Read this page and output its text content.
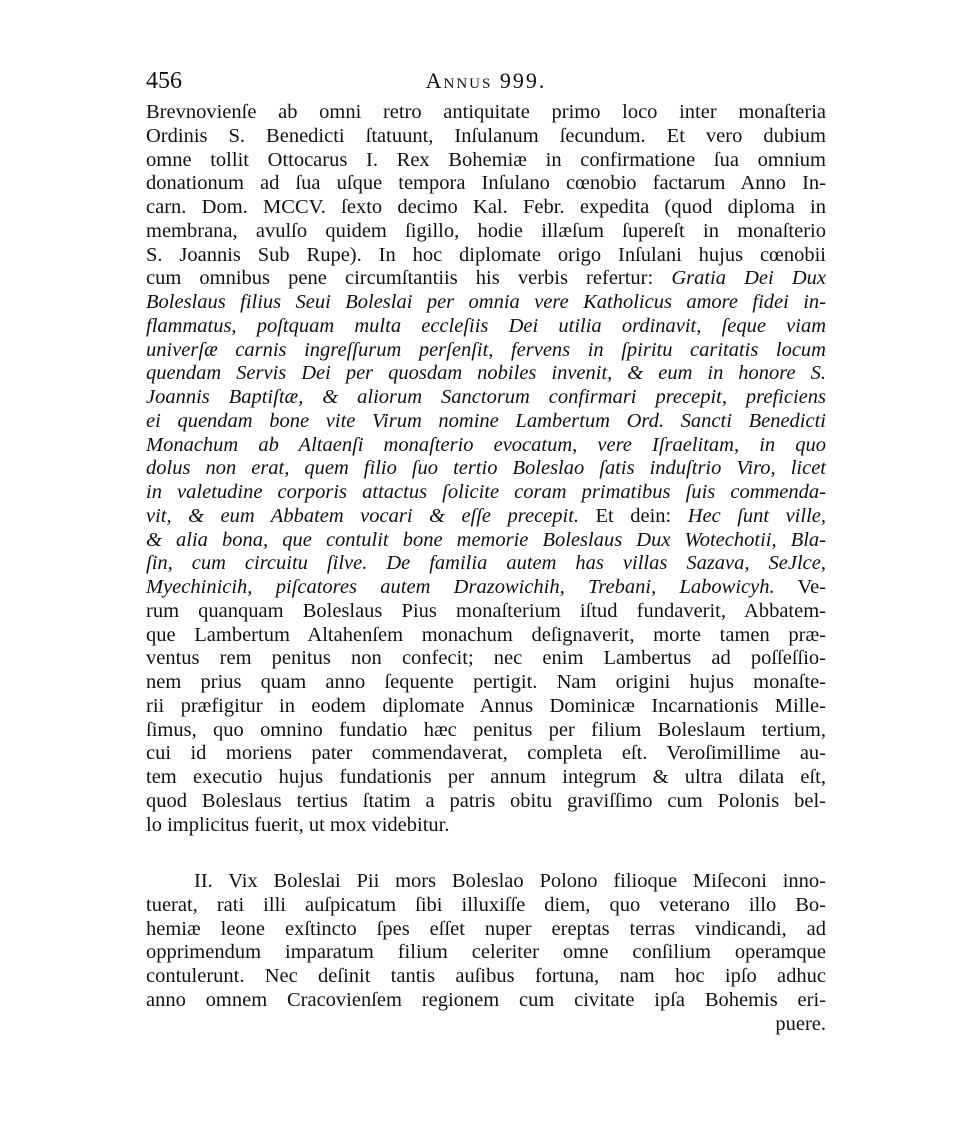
456	Annus 999.
Brevnovienſe ab omni retro antiquitate primo loco inter monaſteria
Ordinis S. Benedicti ſtatuunt, Inſulanum ſecundum. Et vero dubium
omne tollit Ottocarus I. Rex Bohemiæ in confirmatione ſua omnium
donationum ad ſua uſque tempora Inſulano cœnobio factarum Anno In-
carn. Dom. MCCV. ſexto decimo Kal. Febr. expedita (quod diploma in
membrana, avulſo quidem ſigillo, hodie illæſum ſupereſt in monaſterio
S. Joannis Sub Rupe). In hoc diplomate origo Inſulani hujus cœnobii
cum omnibus pene circumſtantiis his verbis refertur: Gratia Dei Dux
Boleslaus filius Seui Boleslai per omnia vere Katholicus amore fidei in-
flammatus, poſtquam multa eccleſiis Dei utilia ordinavit, ſeque viam
univerſæ carnis ingreſſurum perſenſit, fervens in ſpiritu caritatis locum
quendam Servis Dei per quosdam nobiles invenit, & eum in honore S.
Joannis Baptiſtæ, & aliorum Sanctorum confirmari precepit, preficiens
ei quendam bone vite Virum nomine Lambertum Ord. Sancti Benedicti
Monachum ab Altaenſi monaſterio evocatum, vere Iſraelitam, in quo
dolus non erat, quem filio ſuo tertio Boleslao ſatis induſtrio Viro, licet
in valetudine corporis attactus ſolicite coram primatibus ſuis commenda-
vit, & eum Abbatem vocari & eſſe precepit. Et dein: Hec ſunt ville,
& alia bona, que contulit bone memorie Boleslaus Dux Wotechotii, Bla-
ſin, cum circuitu ſilve. De familia autem has villas Sazava, SeJlce,
Myechinicih, piſcatores autem Drazowichih, Trebani, Labowicyh. Ve-
rum quanquam Boleslaus Pius monaſterium iſtud fundaverit, Abbatem-
que Lambertum Altahenſem monachum deſignaverit, morte tamen præ-
ventus rem penitus non confecit; nec enim Lambertus ad poſſeſſio-
nem prius quam anno ſequente pertigit. Nam origini hujus monaſte-
rii præfigitur in eodem diplomate Annus Dominicæ Incarnationis Mille-
ſimus, quo omnino fundatio hæc penitus per filium Boleslaum tertium,
cui id moriens pater commendaverat, completa eſt. Veroſimillime au-
tem executio hujus fundationis per annum integrum & ultra dilata eſt,
quod Boleslaus tertius ſtatim a patris obitu graviſſimo cum Polonis bel-
lo implicitus fuerit, ut mox videbitur.
II. Vix Boleslai Pii mors Boleslao Polono filioque Miſeconi inno-
tuerat, rati illi auſpicatum ſibi illuxiſſe diem, quo veterano illo Bo-
hemiæ leone exſtincto ſpes eſſet nuper ereptas terras vindicandi, ad
opprimendum imparatum filium celeriter omne conſilium operamque
contulerunt. Nec deſinit tantis auſibus fortuna, nam hoc ipſo adhuc
anno omnem Cracovienſem regionem cum civitate ipſa Bohemis eri-
puere.
